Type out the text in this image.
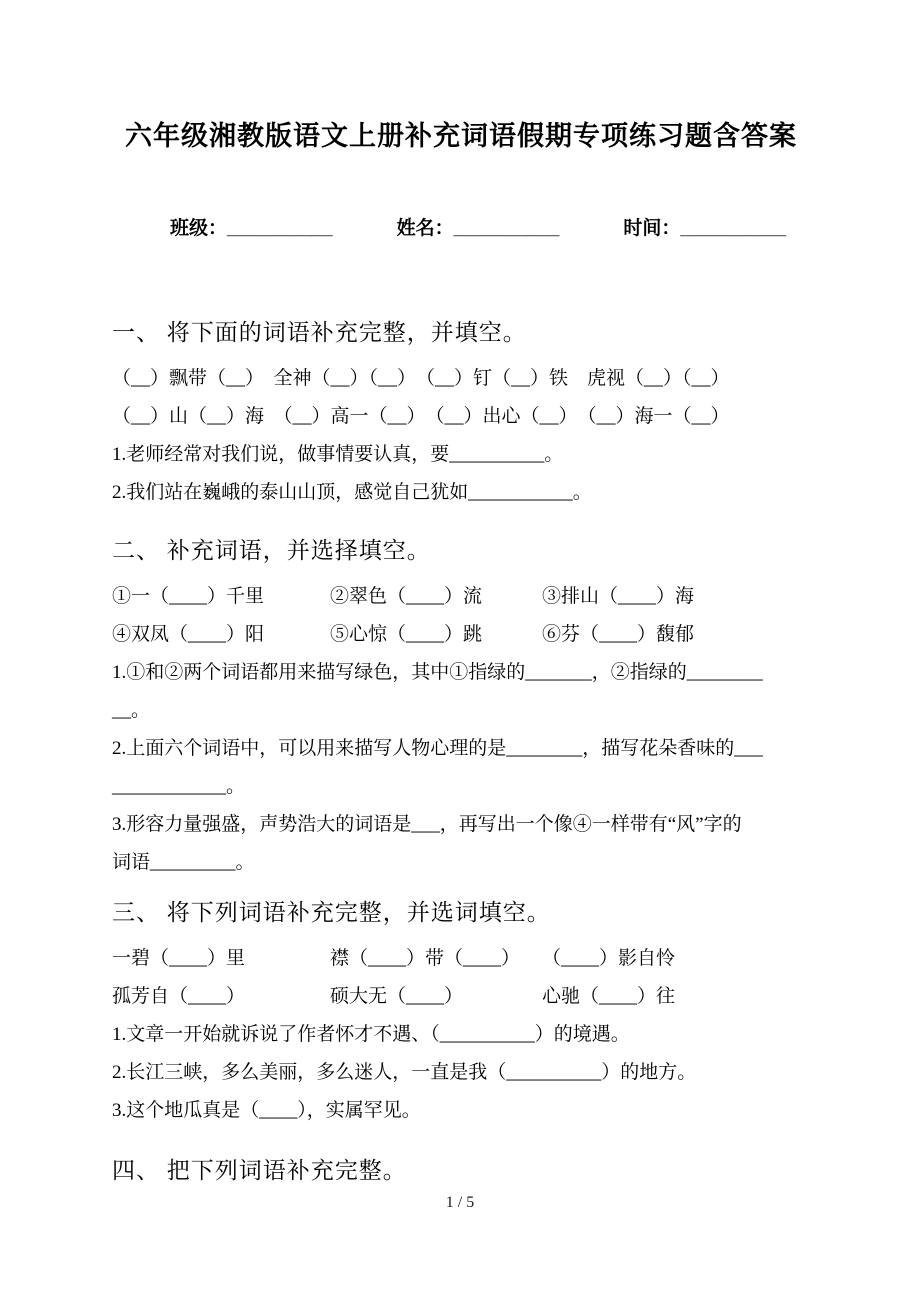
六年级湘教版语文上册补充词语假期专项练习题含答案
班级：__________	姓名：__________	时间：__________
一、 将下面的词语补充完整，并填空。

（__）飘带（__）　全神（__）（__）　（__）钉（__）铁　虎视（__）（__）

（__）山（__）海　（__）高一（__）　（__）出心（__）　（__）海一（__）

1.老师经常对我们说，做事情要认真，要__________。

2.我们站在巍峨的泰山山顶，感觉自己犹如___________。

二、 补充词语，并选择填空。
①一（____）千里	②翠色（____）流	③排山（____）海
④双凤（____）阳	⑤心惊（____）跳	⑥芬（____）馥郁

1.①和②两个词语都用来描写绿色，其中①指绿的_______，②指绿的________

__。

2.上面六个词语中，可以用来描写人物心理的是________，描写花朵香味的___

____________。

3.形容力量强盛，声势浩大的词语是___，再写出一个像④一样带有“风”字的

词语_________。

三、 将下列词语补充完整，并选词填空。
一碧（____）里	襟（____）带（____）	（____）影自怜
孤芳自（____）	硕大无（____）	心驰（____）往

1.文章一开始就诉说了作者怀才不遇、（__________）的境遇。

2.长江三峡，多么美丽，多么迷人，一直是我（__________）的地方。

3.这个地瓜真是（____），实属罕见。

四、 把下列词语补充完整。
1 / 5
